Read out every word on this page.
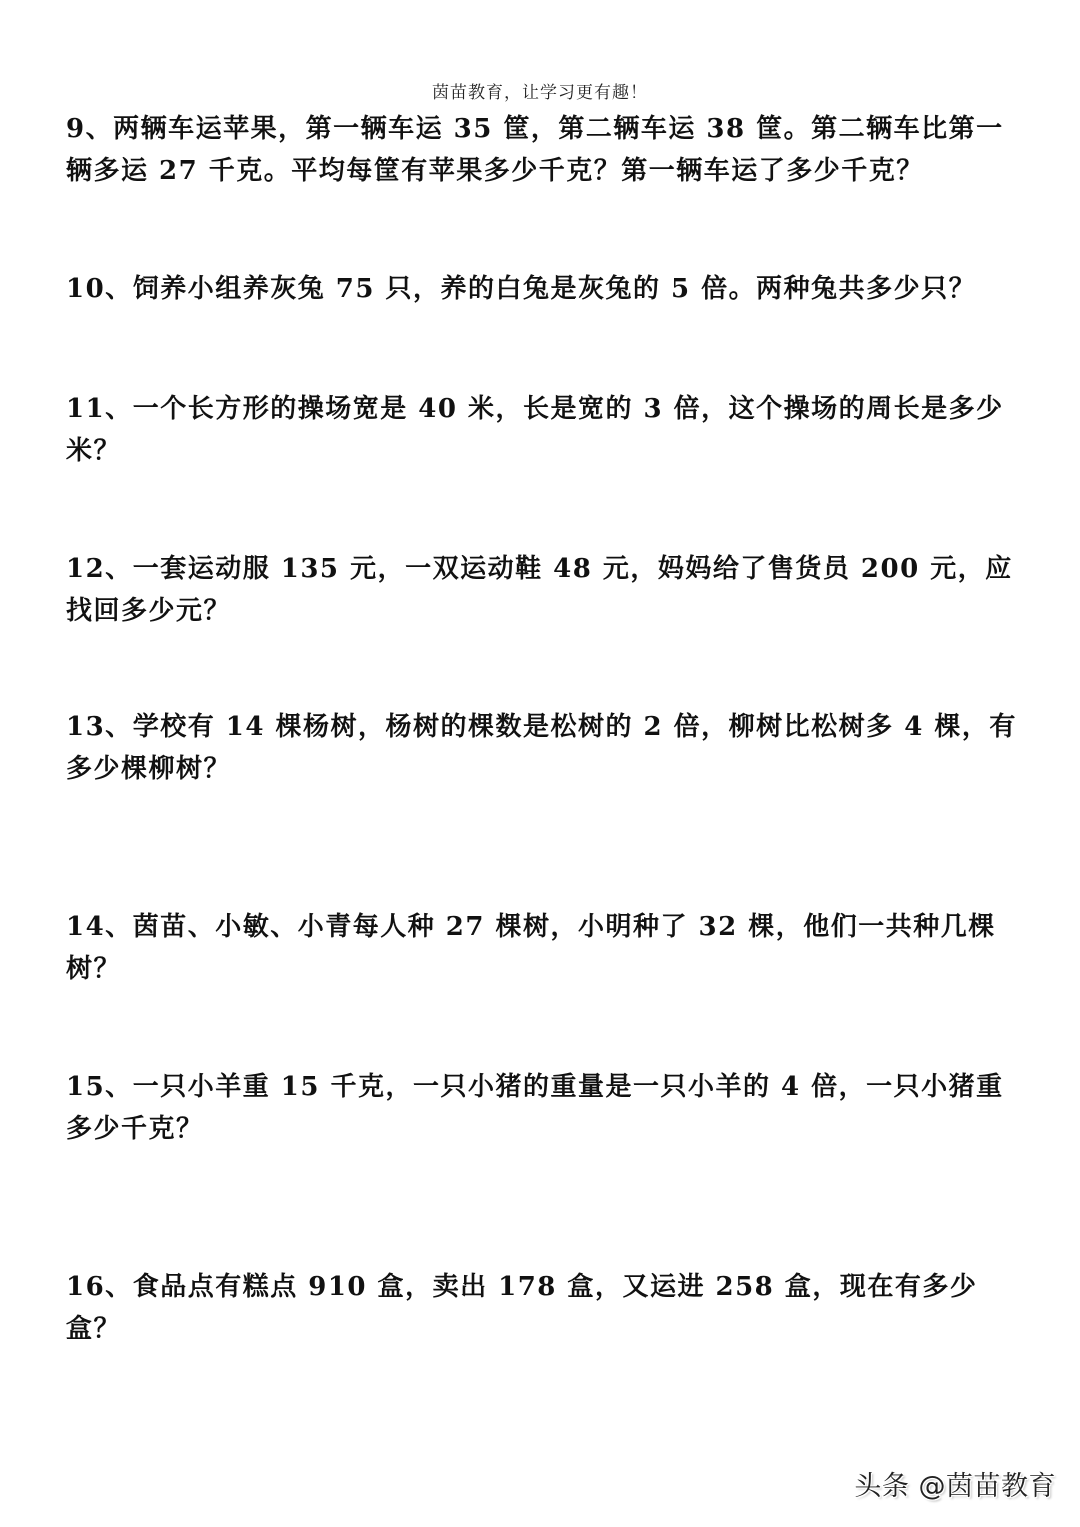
茵苗教育，让学习更有趣！
9、两辆车运苹果，第一辆车运 35 筐，第二辆车运 38 筐。第二辆车比第一辆多运 27 千克。平均每筐有苹果多少千克？第一辆车运了多少千克？
10、饲养小组养灰兔 75 只，养的白兔是灰兔的 5 倍。两种兔共多少只？
11、一个长方形的操场宽是 40 米，长是宽的 3 倍，这个操场的周长是多少米？
12、一套运动服 135 元，一双运动鞋 48 元，妈妈给了售货员 200 元，应找回多少元？
13、学校有 14 棵杨树，杨树的棵数是松树的 2 倍，柳树比松树多 4 棵，有多少棵柳树？
14、茵苗、小敏、小青每人种 27 棵树，小明种了 32 棵，他们一共种几棵树？
15、一只小羊重 15 千克，一只小猪的重量是一只小羊的 4 倍，一只小猪重多少千克？
16、食品点有糕点 910 盒，卖出 178 盒，又运进 258 盒，现在有多少盒？
头条 @茵苗教育
